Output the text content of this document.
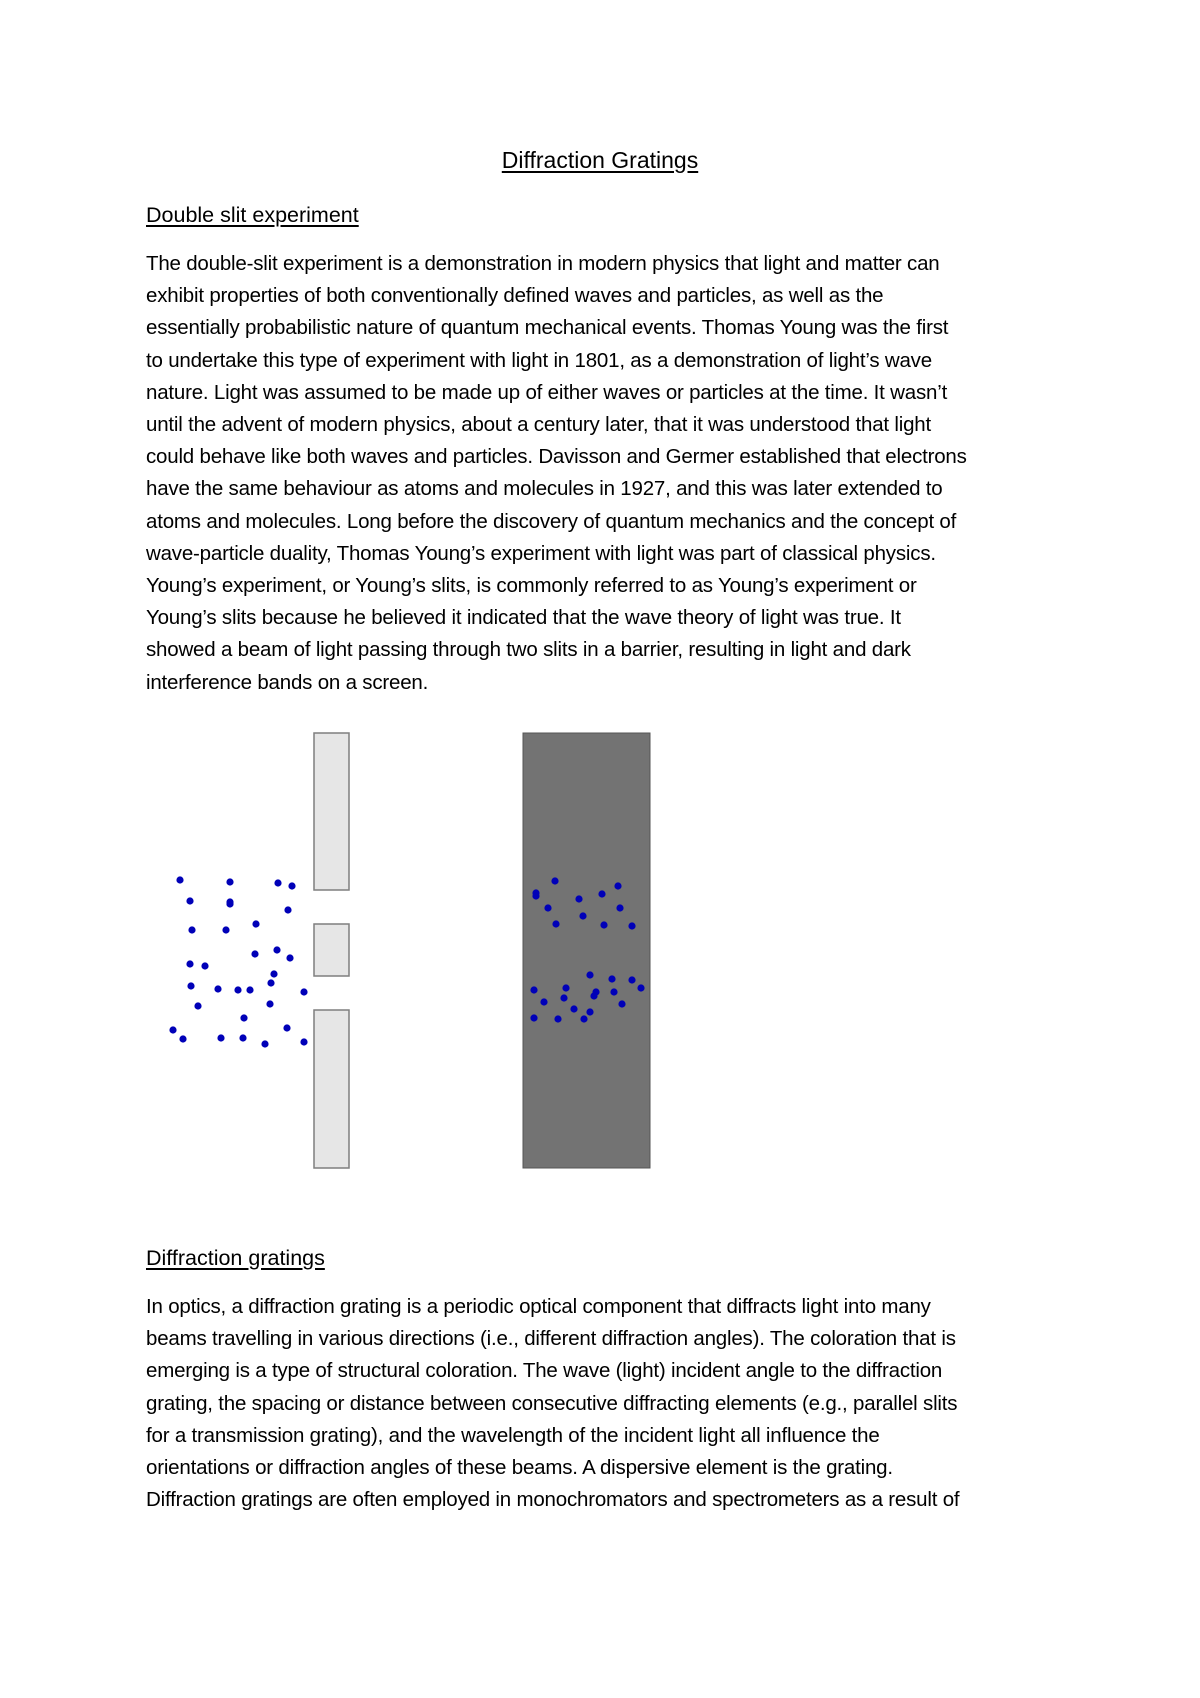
Diffraction Gratings
Double slit experiment

The double-slit experiment is a demonstration in modern physics that light and matter can
exhibit properties of both conventionally defined waves and particles, as well as the
essentially probabilistic nature of quantum mechanical events. Thomas Young was the first
to undertake this type of experiment with light in 1801, as a demonstration of light’s wave
nature. Light was assumed to be made up of either waves or particles at the time. It wasn’t
until the advent of modern physics, about a century later, that it was understood that light
could behave like both waves and particles. Davisson and Germer established that electrons
have the same behaviour as atoms and molecules in 1927, and this was later extended to
atoms and molecules. Long before the discovery of quantum mechanics and the concept of
wave-particle duality, Thomas Young’s experiment with light was part of classical physics.
Young’s experiment, or Young’s slits, is commonly referred to as Young’s experiment or
Young’s slits because he believed it indicated that the wave theory of light was true. It
showed a beam of light passing through two slits in a barrier, resulting in light and dark
interference bands on a screen.

Diffraction gratings

In optics, a diffraction grating is a periodic optical component that diffracts light into many
beams travelling in various directions (i.e., different diffraction angles). The coloration that is
emerging is a type of structural coloration. The wave (light) incident angle to the diffraction
grating, the spacing or distance between consecutive diffracting elements (e.g., parallel slits
for a transmission grating), and the wavelength of the incident light all influence the
orientations or diffraction angles of these beams. A dispersive element is the grating.
Diffraction gratings are often employed in monochromators and spectrometers as a result of
